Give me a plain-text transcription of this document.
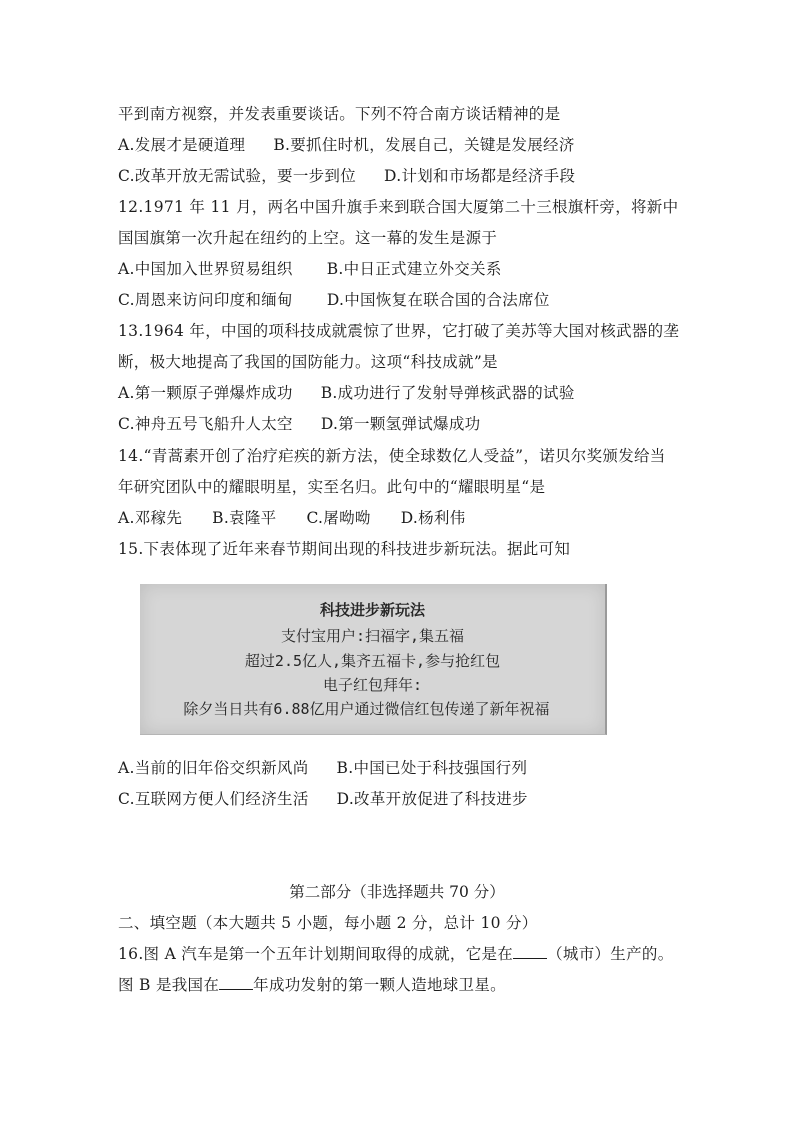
平到南方视察，并发表重要谈话。下列不符合南方谈话精神的是
A.发展才是硬道理 B.要抓住时机，发展自己，关键是发展经济
C.改革开放无需试验，要一步到位 D.计划和市场都是经济手段
12.1971 年 11 月，两名中国升旗手来到联合国大厦第二十三根旗杆旁，将新中
国国旗第一次升起在纽约的上空。这一幕的发生是源于
A.中国加入世界贸易组织 B.中日正式建立外交关系
C.周恩来访问印度和缅甸 D.中国恢复在联合国的合法席位
13.1964 年，中国的项科技成就震惊了世界，它打破了美苏等大国对核武器的垄
断，极大地提高了我国的国防能力。这项“科技成就”是
A.第一颗原子弹爆炸成功 B.成功进行了发射导弹核武器的试验
C.神舟五号飞船升人太空 D.第一颗氢弹试爆成功
14.“青蒿素开创了治疗疟疾的新方法，使全球数亿人受益”，诺贝尔奖颁发给当
年研究团队中的耀眼明星，实至名归。此句中的“耀眼明星“是
A.邓稼先 B.袁隆平 C.屠呦呦 D.杨利伟
15.下表体现了近年来春节期间出现的科技进步新玩法。据此可知
科技进步新玩法
支付宝用户:扫福字,集五福
超过2.5亿人,集齐五福卡,参与抢红包
电子红包拜年:
除夕当日共有6.88亿用户通过微信红包传递了新年祝福
A.当前的旧年俗交织新风尚 B.中国已处于科技强国行列
C.互联网方便人们经济生活 D.改革开放促进了科技进步
第二部分（非选择题共 70 分）
二、填空题（本大题共 5 小题，每小题 2 分，总计 10 分）
16.图 A 汽车是第一个五年计划期间取得的成就，它是在 （城市）生产的。
图 B 是我国在 年成功发射的第一颗人造地球卫星。
